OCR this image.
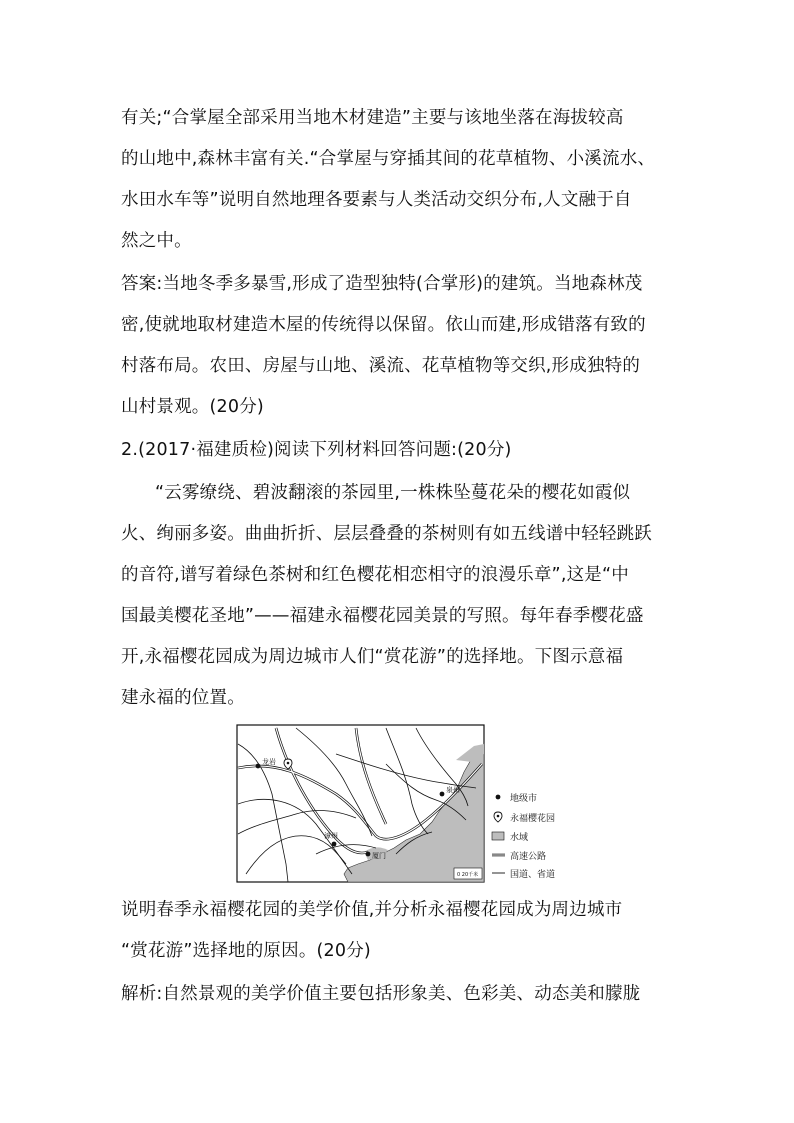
有关;“合掌屋全部采用当地木材建造”主要与该地坐落在海拔较高
的山地中,森林丰富有关.“合掌屋与穿插其间的花草植物、小溪流水、
水田水车等”说明自然地理各要素与人类活动交织分布,人文融于自
然之中。
答案:当地冬季多暴雪,形成了造型独特(合掌形)的建筑。当地森林茂
密,使就地取材建造木屋的传统得以保留。依山而建,形成错落有致的
村落布局。农田、房屋与山地、溪流、花草植物等交织,形成独特的
山村景观。(20分)
2.(2017·福建质检)阅读下列材料回答问题:(20分)
“云雾缭绕、碧波翻滚的茶园里,一株株坠蔓花朵的樱花如霞似
火、绚丽多姿。曲曲折折、层层叠叠的茶树则有如五线谱中轻轻跳跃
的音符,谱写着绿色茶树和红色樱花相恋相守的浪漫乐章”,这是“中
国最美樱花圣地”——福建永福樱花园美景的写照。每年春季樱花盛
开,永福樱花园成为周边城市人们“赏花游”的选择地。下图示意福
建永福的位置。
龙岩
泉州
漳州
厦门
0 20千米
地级市
永福樱花园
水域
高速公路
国道、省道
说明春季永福樱花园的美学价值,并分析永福樱花园成为周边城市
“赏花游”选择地的原因。(20分)
解析:自然景观的美学价值主要包括形象美、色彩美、动态美和朦胧
